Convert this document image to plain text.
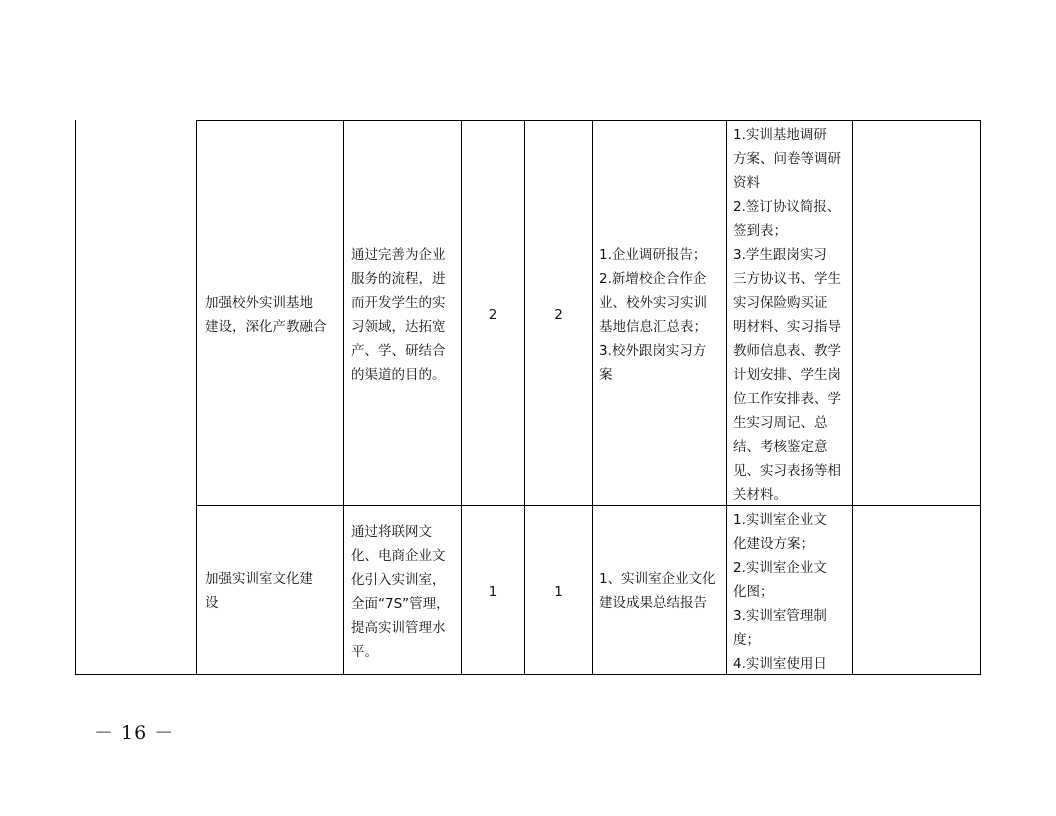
加强校外实训基地
建设，深化产教融合
通过完善为企业
服务的流程，进
而开发学生的实
习领域，达拓宽
产、学、研结合
的渠道的目的。
2	2
1.企业调研报告；
2.新增校企合作企
业、校外实习实训
基地信息汇总表；
3.校外跟岗实习方
案
1.实训基地调研
方案、问卷等调研
资料
2.签订协议简报、
签到表；
3.学生跟岗实习
三方协议书、学生
实习保险购买证
明材料、实习指导
教师信息表、教学
计划安排、学生岗
位工作安排表、学
生实习周记、总
结、考核鉴定意
见、实习表扬等相
关材料。
加强实训室文化建
设
通过将联网文
化、电商企业文
化引入实训室，
全面“7S”管理，
提高实训管理水
平。
1	1
1、实训室企业文化
建设成果总结报告
1.实训室企业文
化建设方案；
2.实训室企业文
化图；
3.实训室管理制
度；
4.实训室使用日
－ 16 －
